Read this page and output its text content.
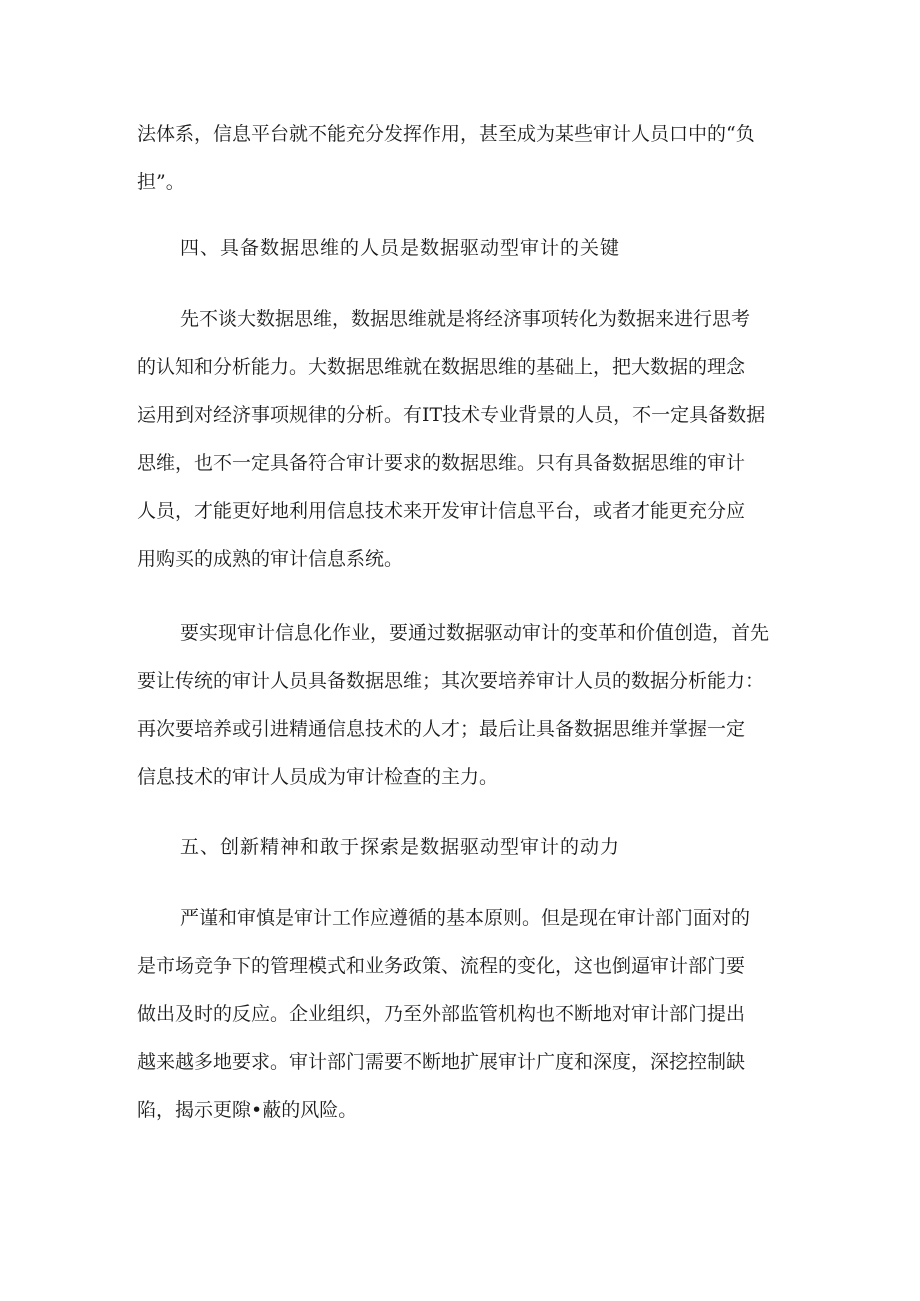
法体系，信息平台就不能充分发挥作用，甚至成为某些审计人员口中的“负
担”。
四、具备数据思维的人员是数据驱动型审计的关键
先不谈大数据思维，数据思维就是将经济事项转化为数据来进行思考
的认知和分析能力。大数据思维就在数据思维的基础上，把大数据的理念
运用到对经济事项规律的分析。有IT技术专业背景的人员，不一定具备数据
思维，也不一定具备符合审计要求的数据思维。只有具备数据思维的审计
人员，才能更好地利用信息技术来开发审计信息平台，或者才能更充分应
用购买的成熟的审计信息系统。
要实现审计信息化作业，要通过数据驱动审计的变革和价值创造，首先
要让传统的审计人员具备数据思维；其次要培养审计人员的数据分析能力：
再次要培养或引进精通信息技术的人才；最后让具备数据思维并掌握一定
信息技术的审计人员成为审计检查的主力。
五、创新精神和敢于探索是数据驱动型审计的动力
严谨和审慎是审计工作应遵循的基本原则。但是现在审计部门面对的
是市场竞争下的管理模式和业务政策、流程的变化，这也倒逼审计部门要
做出及时的反应。企业组织，乃至外部监管机构也不断地对审计部门提出
越来越多地要求。审计部门需要不断地扩展审计广度和深度，深挖控制缺
陷，揭示更隙•蔽的风险。
